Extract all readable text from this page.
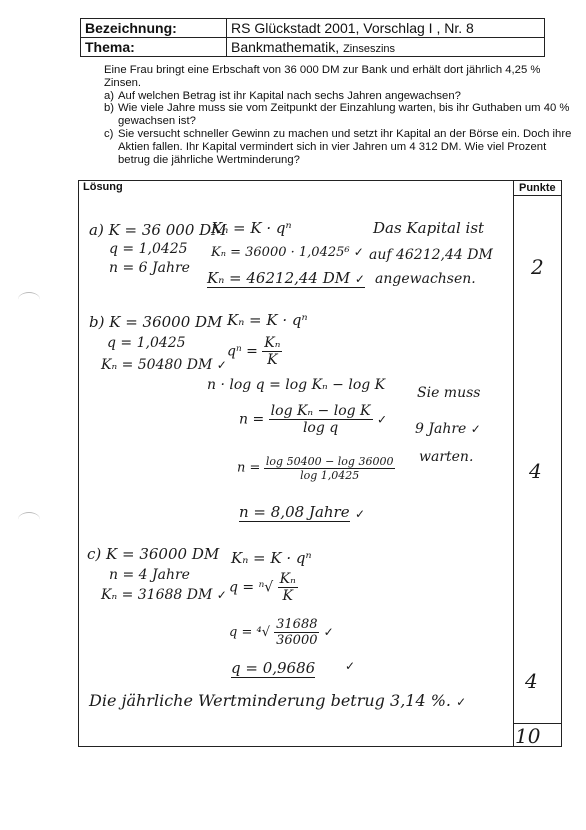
Bezeichnung:	RS Glückstadt 2001, Vorschlag I , Nr. 8
Thema:	Bankmathematik, Zinseszins
Eine Frau bringt eine Erbschaft von 36 000 DM zur Bank und erhält dort jährlich 4,25 % Zinsen.
a) Auf welchen Betrag ist ihr Kapital nach sechs Jahren angewachsen?
b) Wie viele Jahre muss sie vom Zeitpunkt der Einzahlung warten, bis ihr Guthaben um 40 % gewachsen ist?
c) Sie versucht schneller Gewinn zu machen und setzt ihr Kapital an der Börse ein. Doch ihre Aktien fallen. Ihr Kapital vermindert sich in vier Jahren um 4 312 DM. Wie viel Prozent betrug die jährliche Wertminderung?
Lösung	Punkte
a) K = 36 000 DM
q = 1,0425
n = 6 Jahre
Kₙ = K · qⁿ
Kₙ = 36000 · 1,0425⁶ ✓
Kₙ = 46212,44 DM ✓
Das Kapital ist
auf 46212,44 DM
angewachsen.
b) K = 36000 DM
q = 1,0425
Kₙ = 50480 DM ✓
Kₙ = K · qⁿ
$q^n = \frac{\text{Kₙ}}{K}$
n · log q = log Kₙ − log K
$n = \frac{\text{log Kₙ − log K}}{\text{log q}}$ ✓
$n = \frac{\log 50400 - \log 36000}{\log 1,0425}$
n = 8,08 Jahre ✓
Sie muss
9 Jahre ✓
warten.
c) K = 36000 DM
n = 4 Jahre
Kₙ = 31688 DM ✓
Kₙ = K · qⁿ
$q = ^n√ \frac{\text{Kₙ}}{K}$
$q = ^4√ \frac{31688}{36000}$ ✓
q = 0,9686 ✓
Die jährliche Wertminderung betrug 3,14 %. ✓
2
4
4
10
